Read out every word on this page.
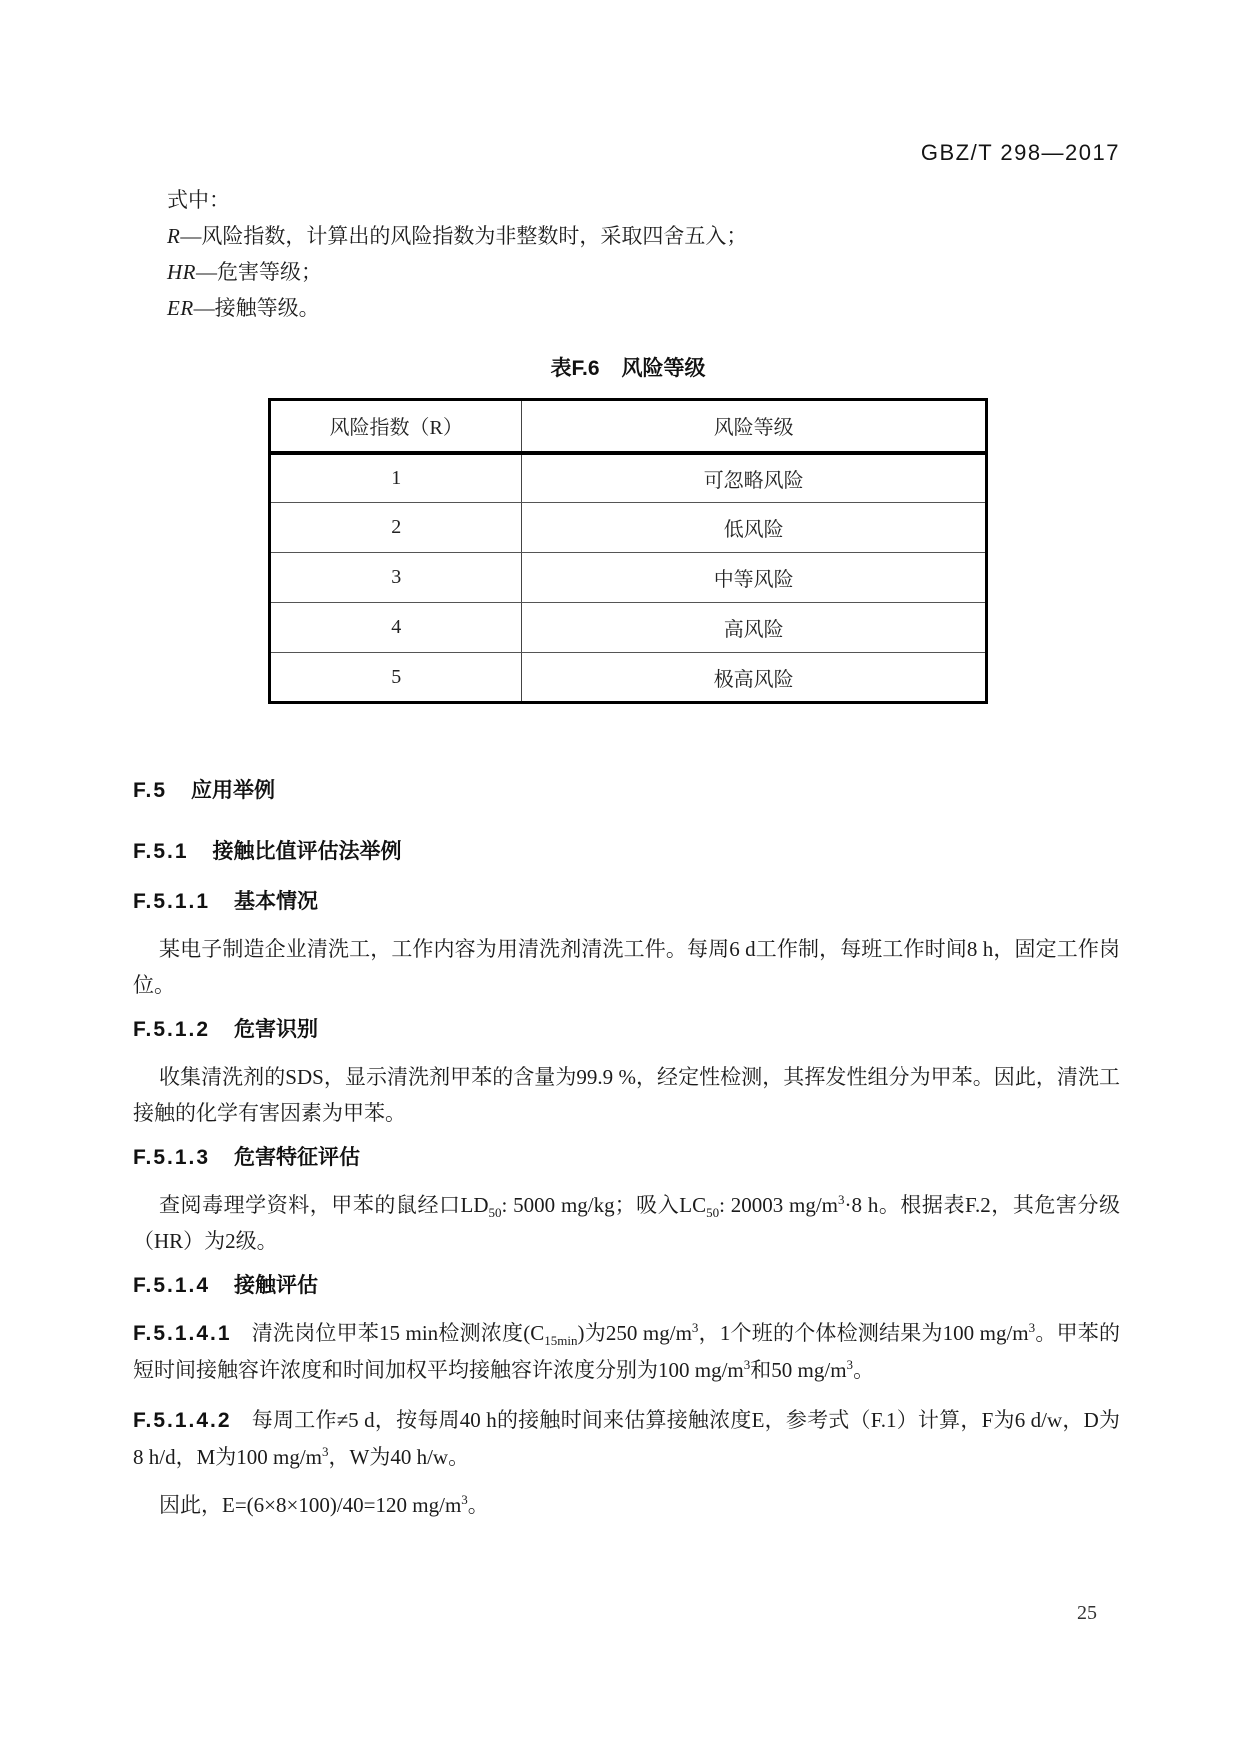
GBZ/T 298—2017

式中：

R—风险指数，计算出的风险指数为非整数时，采取四舍五入；

HR—危害等级；

ER—接触等级。

表F.6 风险等级
风险指数（R）	风险等级
1	可忽略风险
2	低风险
3	中等风险
4	高风险
5	极高风险

F.5 应用举例

F.5.1 接触比值评估法举例

F.5.1.1 基本情况

某电子制造企业清洗工，工作内容为用清洗剂清洗工件。每周6 d工作制，每班工作时间8 h，固定工作岗位。

F.5.1.2 危害识别

收集清洗剂的SDS，显示清洗剂甲苯的含量为99.9 %，经定性检测，其挥发性组分为甲苯。因此，清洗工接触的化学有害因素为甲苯。

F.5.1.3 危害特征评估

查阅毒理学资料，甲苯的鼠经口$LD_{50}$: 5000 mg/kg；吸入$LC_{50}$: 20003 $mg/m^3\cdot 8$ h。根据表F.2，其危害分级（HR）为2级。

F.5.1.4 接触评估

F.5.1.4.1 清洗岗位甲苯15 min检测浓度$(C_{15min})$为250 $mg/m^3$，1个班的个体检测结果为100 $mg/m^3$。甲苯的短时间接触容许浓度和时间加权平均接触容许浓度分别为100 $mg/m^3$和50 $mg/m^3$。

F.5.1.4.2 每周工作≠5 d，按每周40 h的接触时间来估算接触浓度E，参考式（F.1）计算，F为6 d/w，D为8 h/d，M为100 $mg/m^3$，W为40 h/w。

因此，E=(6×8×100)/40=120 $mg/m^3$。

25
